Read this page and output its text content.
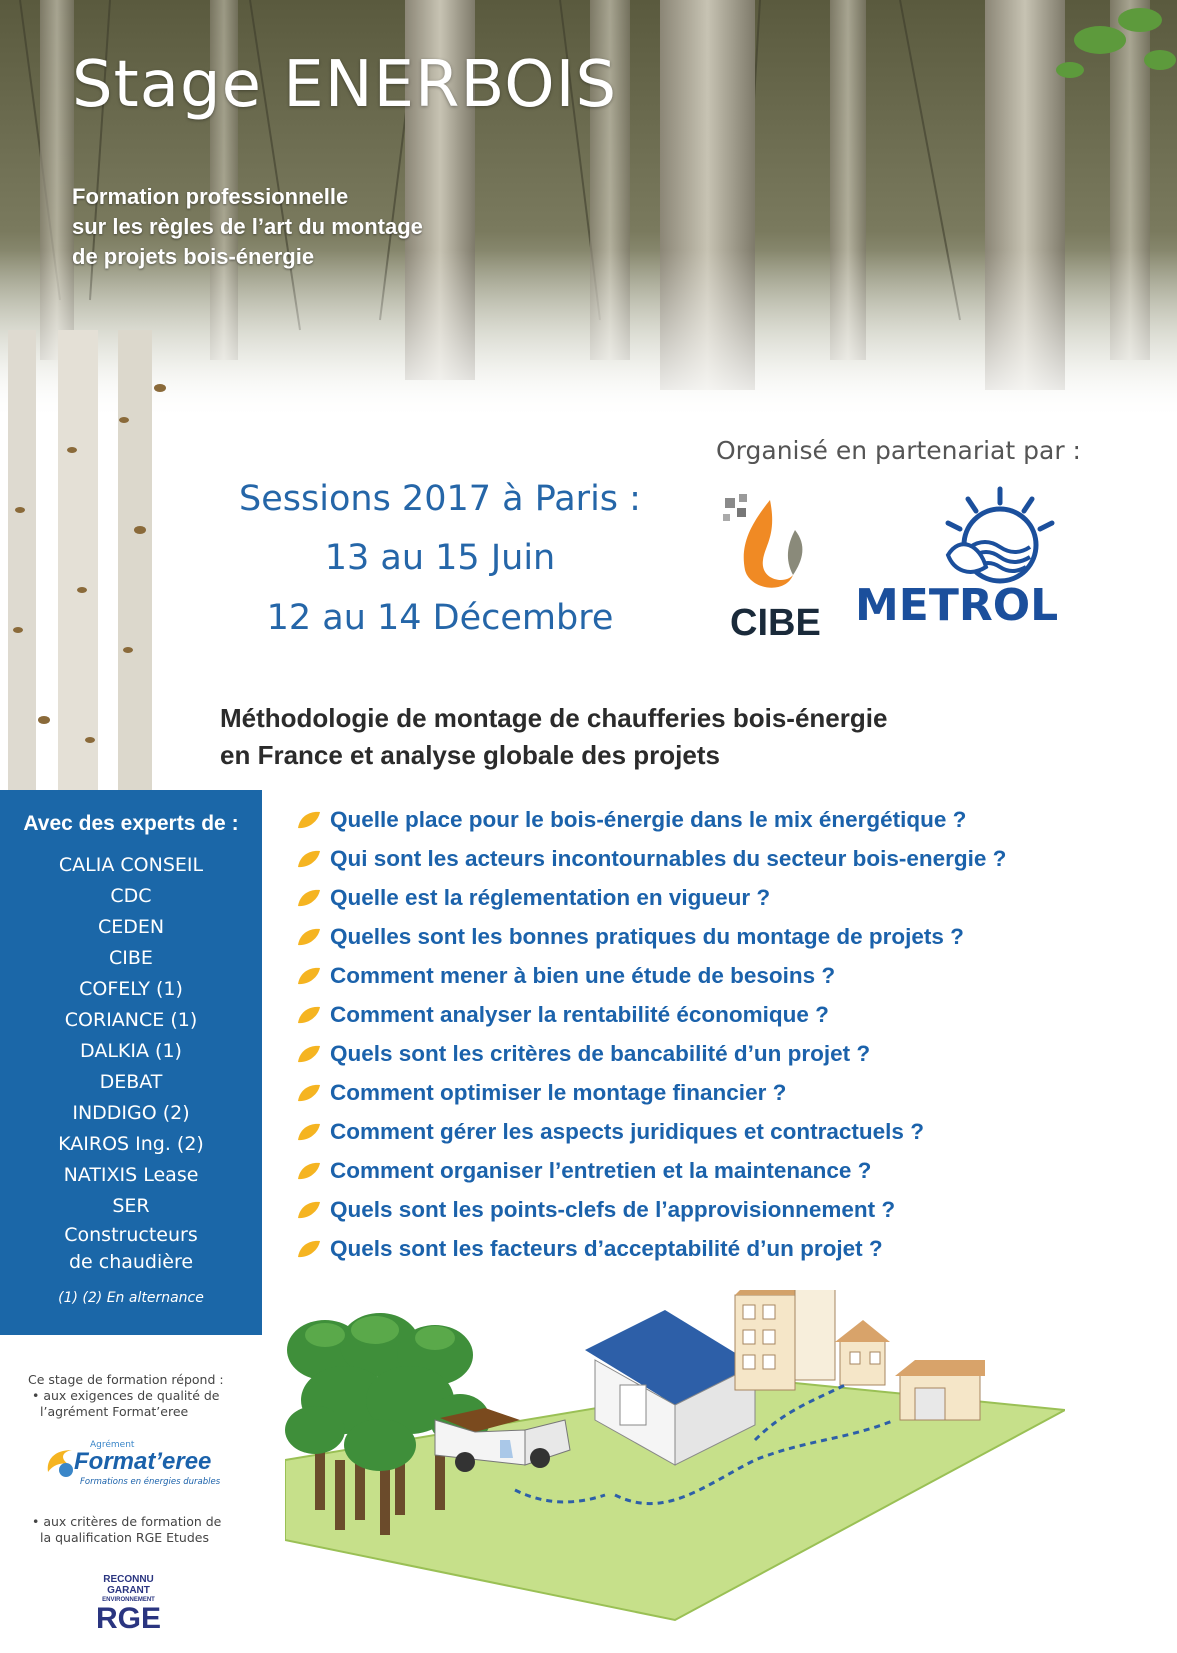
Stage ENERBOIS
Formation professionnelle
sur les règles de l’art du montage
de projets bois-énergie
Organisé en partenariat par :
Sessions 2017 à Paris :
13 au 15 Juin
12 au 14 Décembre	CIBE METROL
Méthodologie de montage de chaufferies bois-énergie
en France et analyse globale des projets
Avec des experts de :
CALIA CONSEIL
CDC
CEDEN
CIBE
COFELY (1)
CORIANCE (1)
DALKIA (1)
DEBAT
INDDIGO (2)
KAIROS Ing. (2)
NATIXIS Lease
SER
Constructeurs
de chaudière
(1) (2) En alternance
Quelle place pour le bois-énergie dans le mix énergétique ?
Qui sont les acteurs incontournables du secteur bois-energie ?
Quelle est la réglementation en vigueur ?
Quelles sont les bonnes pratiques du montage de projets ?
Comment mener à bien une étude de besoins ?
Comment analyser la rentabilité économique ?
Quels sont les critères de bancabilité d’un projet ?
Comment optimiser le montage financier ?
Comment gérer les aspects juridiques et contractuels ?
Comment organiser l’entretien et la maintenance ?
Quels sont les points-clefs de l’approvisionnement ?
Quels sont les facteurs d’acceptabilité d’un projet ?
Ce stage de formation répond :
• aux exigences de qualité de
l’agrément Format’eree
Agrément
Format’eree
Formations en énergies durables
• aux critères de formation de
la qualification RGE Etudes
RECONNU
GARANT
ENVIRONNEMENT
RGE
